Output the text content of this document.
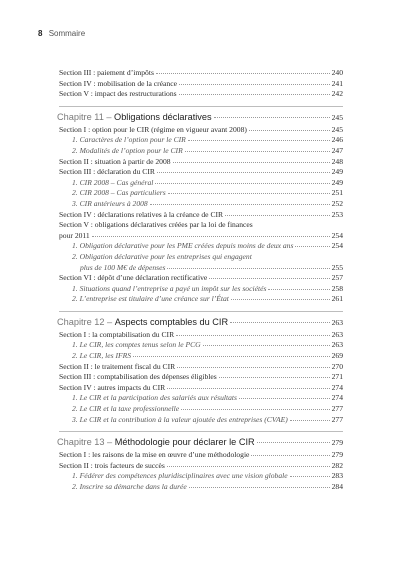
8 Sommaire
Section III : paiement d’impôts	240
Section IV : mobilisation de la créance	241
Section V : impact des restructurations	242
Chapitre 11 –
Obligations déclaratives	245
Section I : option pour le CIR (régime en vigueur avant 2008)	245
1. Caractères de l’option pour le CIR	246
2. Modalités de l’option pour le CIR	247
Section II : situation à partir de 2008	248
Section III : déclaration du CIR	249
1. CIR 2008 – Cas général	249
2. CIR 2008 – Cas particuliers	251
3. CIR antérieurs à 2008	252
Section IV : déclarations relatives à la créance de CIR	253
Section V : obligations déclaratives créées par la loi de finances
pour 2011	254
1. Obligation déclarative pour les PME créées depuis moins de deux ans	254
2. Obligation déclarative pour les entreprises qui engagent
plus de 100 M€ de dépenses	255
Section VI : dépôt d’une déclaration rectificative	257
1. Situations quand l’entreprise a payé un impôt sur les sociétés	258
2. L’entreprise est titulaire d’une créance sur l’État	261
Chapitre 12 –
Aspects comptables du CIR	263
Section I : la comptabilisation du CIR	263
1. Le CIR, les comptes tenus selon le PCG	263
2. Le CIR, les IFRS	269
Section II : le traitement fiscal du CIR	270
Section III : comptabilisation des dépenses éligibles	271
Section IV : autres impacts du CIR	274
1. Le CIR et la participation des salariés aux résultats	274
2. Le CIR et la taxe professionnelle	277
3. Le CIR et la contribution à la valeur ajoutée des entreprises (CVAE)	277
Chapitre 13 –
Méthodologie pour déclarer le CIR	279
Section I : les raisons de la mise en œuvre d’une méthodologie	279
Section II : trois facteurs de succès	282
1. Fédérer des compétences pluridisciplinaires avec une vision globale	283
2. Inscrire sa démarche dans la durée	284
